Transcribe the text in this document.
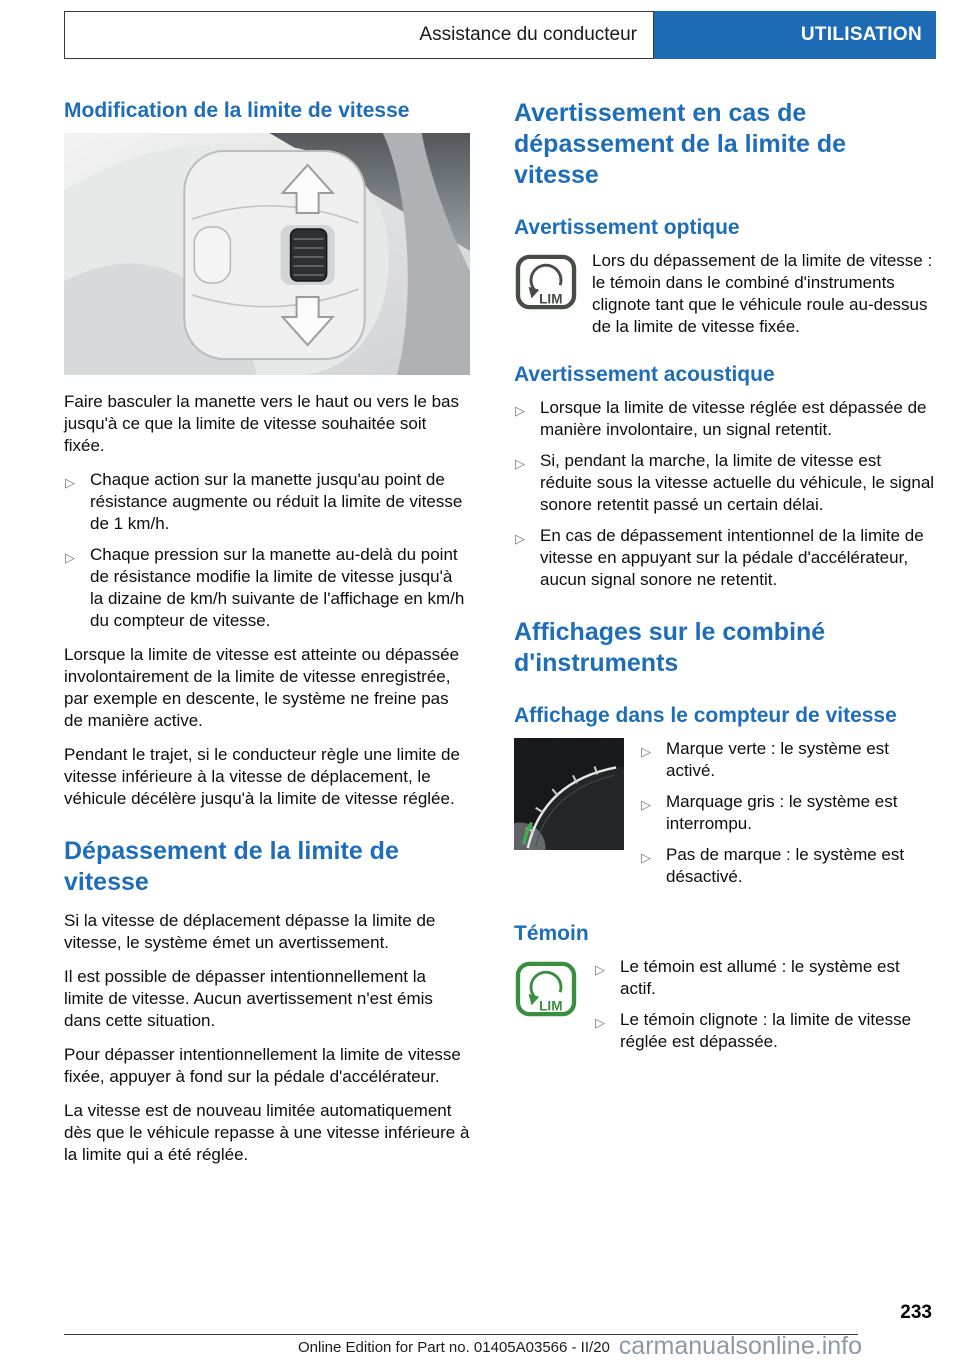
Assistance du conducteur	UTILISATION
Modification de la limite de vitesse

Faire basculer la manette vers le haut ou vers le bas jusqu'à ce que la limite de vitesse souhaitée soit fixée.

▷ Chaque action sur la manette jusqu'au point de résistance augmente ou réduit la limite de vitesse de 1 km/h.
▷ Chaque pression sur la manette au-delà du point de résistance modifie la limite de vitesse jusqu'à la dizaine de km/h suivante de l'affichage en km/h du compteur de vitesse.

Lorsque la limite de vitesse est atteinte ou dépassée involontairement de la limite de vitesse enregistrée, par exemple en descente, le système ne freine pas de manière active.

Pendant le trajet, si le conducteur règle une limite de vitesse inférieure à la vitesse de déplacement, le véhicule décélère jusqu'à la limite de vitesse réglée.

Dépassement de la limite de vitesse

Si la vitesse de déplacement dépasse la limite de vitesse, le système émet un avertissement.

Il est possible de dépasser intentionnellement la limite de vitesse. Aucun avertissement n'est émis dans cette situation.

Pour dépasser intentionnellement la limite de vitesse fixée, appuyer à fond sur la pédale d'accélérateur.

La vitesse est de nouveau limitée automatiquement dès que le véhicule repasse à une vitesse inférieure à la limite qui a été réglée.

Avertissement en cas de dépassement de la limite de vitesse
Avertissement optique
LIM

Lors du dépassement de la limite de vitesse : le témoin dans le combiné d'instruments clignote tant que le véhicule roule au-dessus de la limite de vitesse fixée.

Avertissement acoustique
▷ Lorsque la limite de vitesse réglée est dépassée de manière involontaire, un signal retentit.
▷ Si, pendant la marche, la limite de vitesse est réduite sous la vitesse actuelle du véhicule, le signal sonore retentit passé un certain délai.
▷ En cas de dépassement intentionnel de la limite de vitesse en appuyant sur la pédale d'accélérateur, aucun signal sonore ne retentit.
Affichages sur le combiné d'instruments
Affichage dans le compteur de vitesse
▷ Marque verte : le système est activé.
▷ Marquage gris : le système est interrompu.
▷ Pas de marque : le système est désactivé.
Témoin
LIM
▷ Le témoin est allumé : le système est actif.
▷ Le témoin clignote : la limite de vitesse réglée est dépassée.
233
Online Edition for Part no. 01405A03566 - II/20 carmanualsonline.info
